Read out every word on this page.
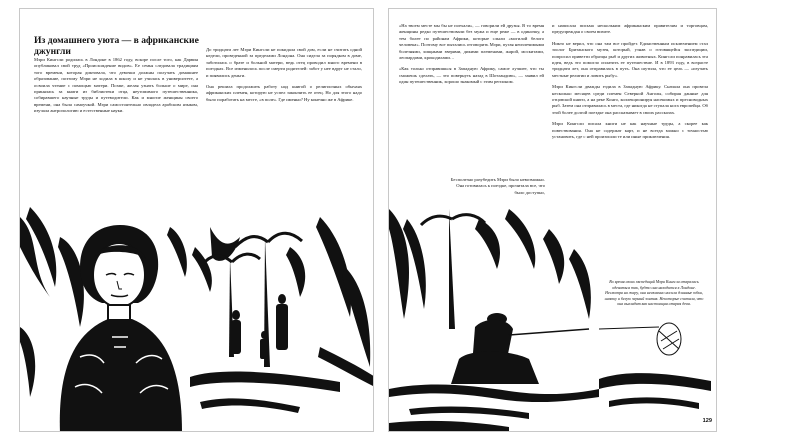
Из домашнего уюта — в африканские джунгли

Мэри Кингсли родилась в Лондоне в 1862 году, вскоре после того, как Дарвин опубликовал свой труд «Происхождение видов». Ее семья следовала традициям того времени, которая диктовала, что девочки должны получать домашнее образование, поэтому Мэри не ходила в школу и не училась в университете, а освоила чтение с помощью матери. Позже, желая узнать больше о мире, она принялась за книги из библиотеки отца, неутомимого путешественника, собиравшего научные труды и путеводители. Как и многие женщины своего времени, она была самоучкой. Мэри самостоятельно овладела арабским языком, изучала антропологию и естественные науки.

До тридцати лет Мэри Кингсли не покидала свой дом, если не считать одной недели, проведенной за пределами Лондона. Она сидела за порядком в доме, заботилась о брате и больной матери, ведь отец проводил много времени в поездках. Все изменилось после смерти родителей: забот у нее вдруг не стало, и появились деньги.

Она решила продолжить работу над книгой о религиозных обычаях африканских племен, которую не успел закончить ее отец. Но для этого надо было поработать на месте, «в поле». Где именно? Ну конечно же в Африке.

«На твоем месте мы бы не поехали», — говорили ей друзья. В то время женщины редко путешествовали без мужа и еще реже — в одиночку, а тем более по районам Африки, которые слыли «могилой белого человека». Поэтому все пытались отговорить Мэри, пугая неизлечимыми болезнями, хищными зверями, дикими племенами, жарой, москитами, леопардами, крокодилами…

«Как только отправишься в Западную Африку, самое лучшее, что ты сможешь сделать, — это повернуть назад в Шотландию», — заявил ей один путешественник, хорошо знакомый с этим регионом.

Бесполезно разубедить Мэри было невозможно. Она готовилась к поездке, прочитала все, что было доступно,

и написала письма нескольким африканским правителям и торговцам, предупреждая о своем визите.

Никто не верил, что она там все пройдет. Единственным исключением стал зоолог Британского музея, который, узнав о готовящейся экспедиции, попросил привезти образцы рыб и других животных. Кингсли понравилась эта идея, ведь это помогло оплатить ее путешествие. И в 1893 году, в возрасте тридцати лет, она отправилась в путь. Она шутила, что ее цель — «изучать местные религии и ловить рыбу».

Мэри Кингсли дважды ездила в Западную Африку. Сначала она провела несколько месяцев среди племен Северной Анголы, собирая данные для отцовской книги, а на реке Конго, коллекционируя насекомых и пресноводных рыб. Затем она отправилась в места, где никогда не ступала нога европейца. Об этой более долгой поездке она рассказывает в своих рассказах.

Мэри Кингсли писала книги не как научные труды, а скорее как повествования. Она не содержат карт, и не всегда можно с точностью установить, где с ней произошли те или иные приключения.

Во время своих экспедиций Мэри Кингсли старалась одеваться так, будто она находится в Лондоне. Несмотря на жару, она неизменно носила длинные юбки, шляпку и белую черный зонтик. Некоторые считали, что она выглядит как настоящая старая дева.
129
